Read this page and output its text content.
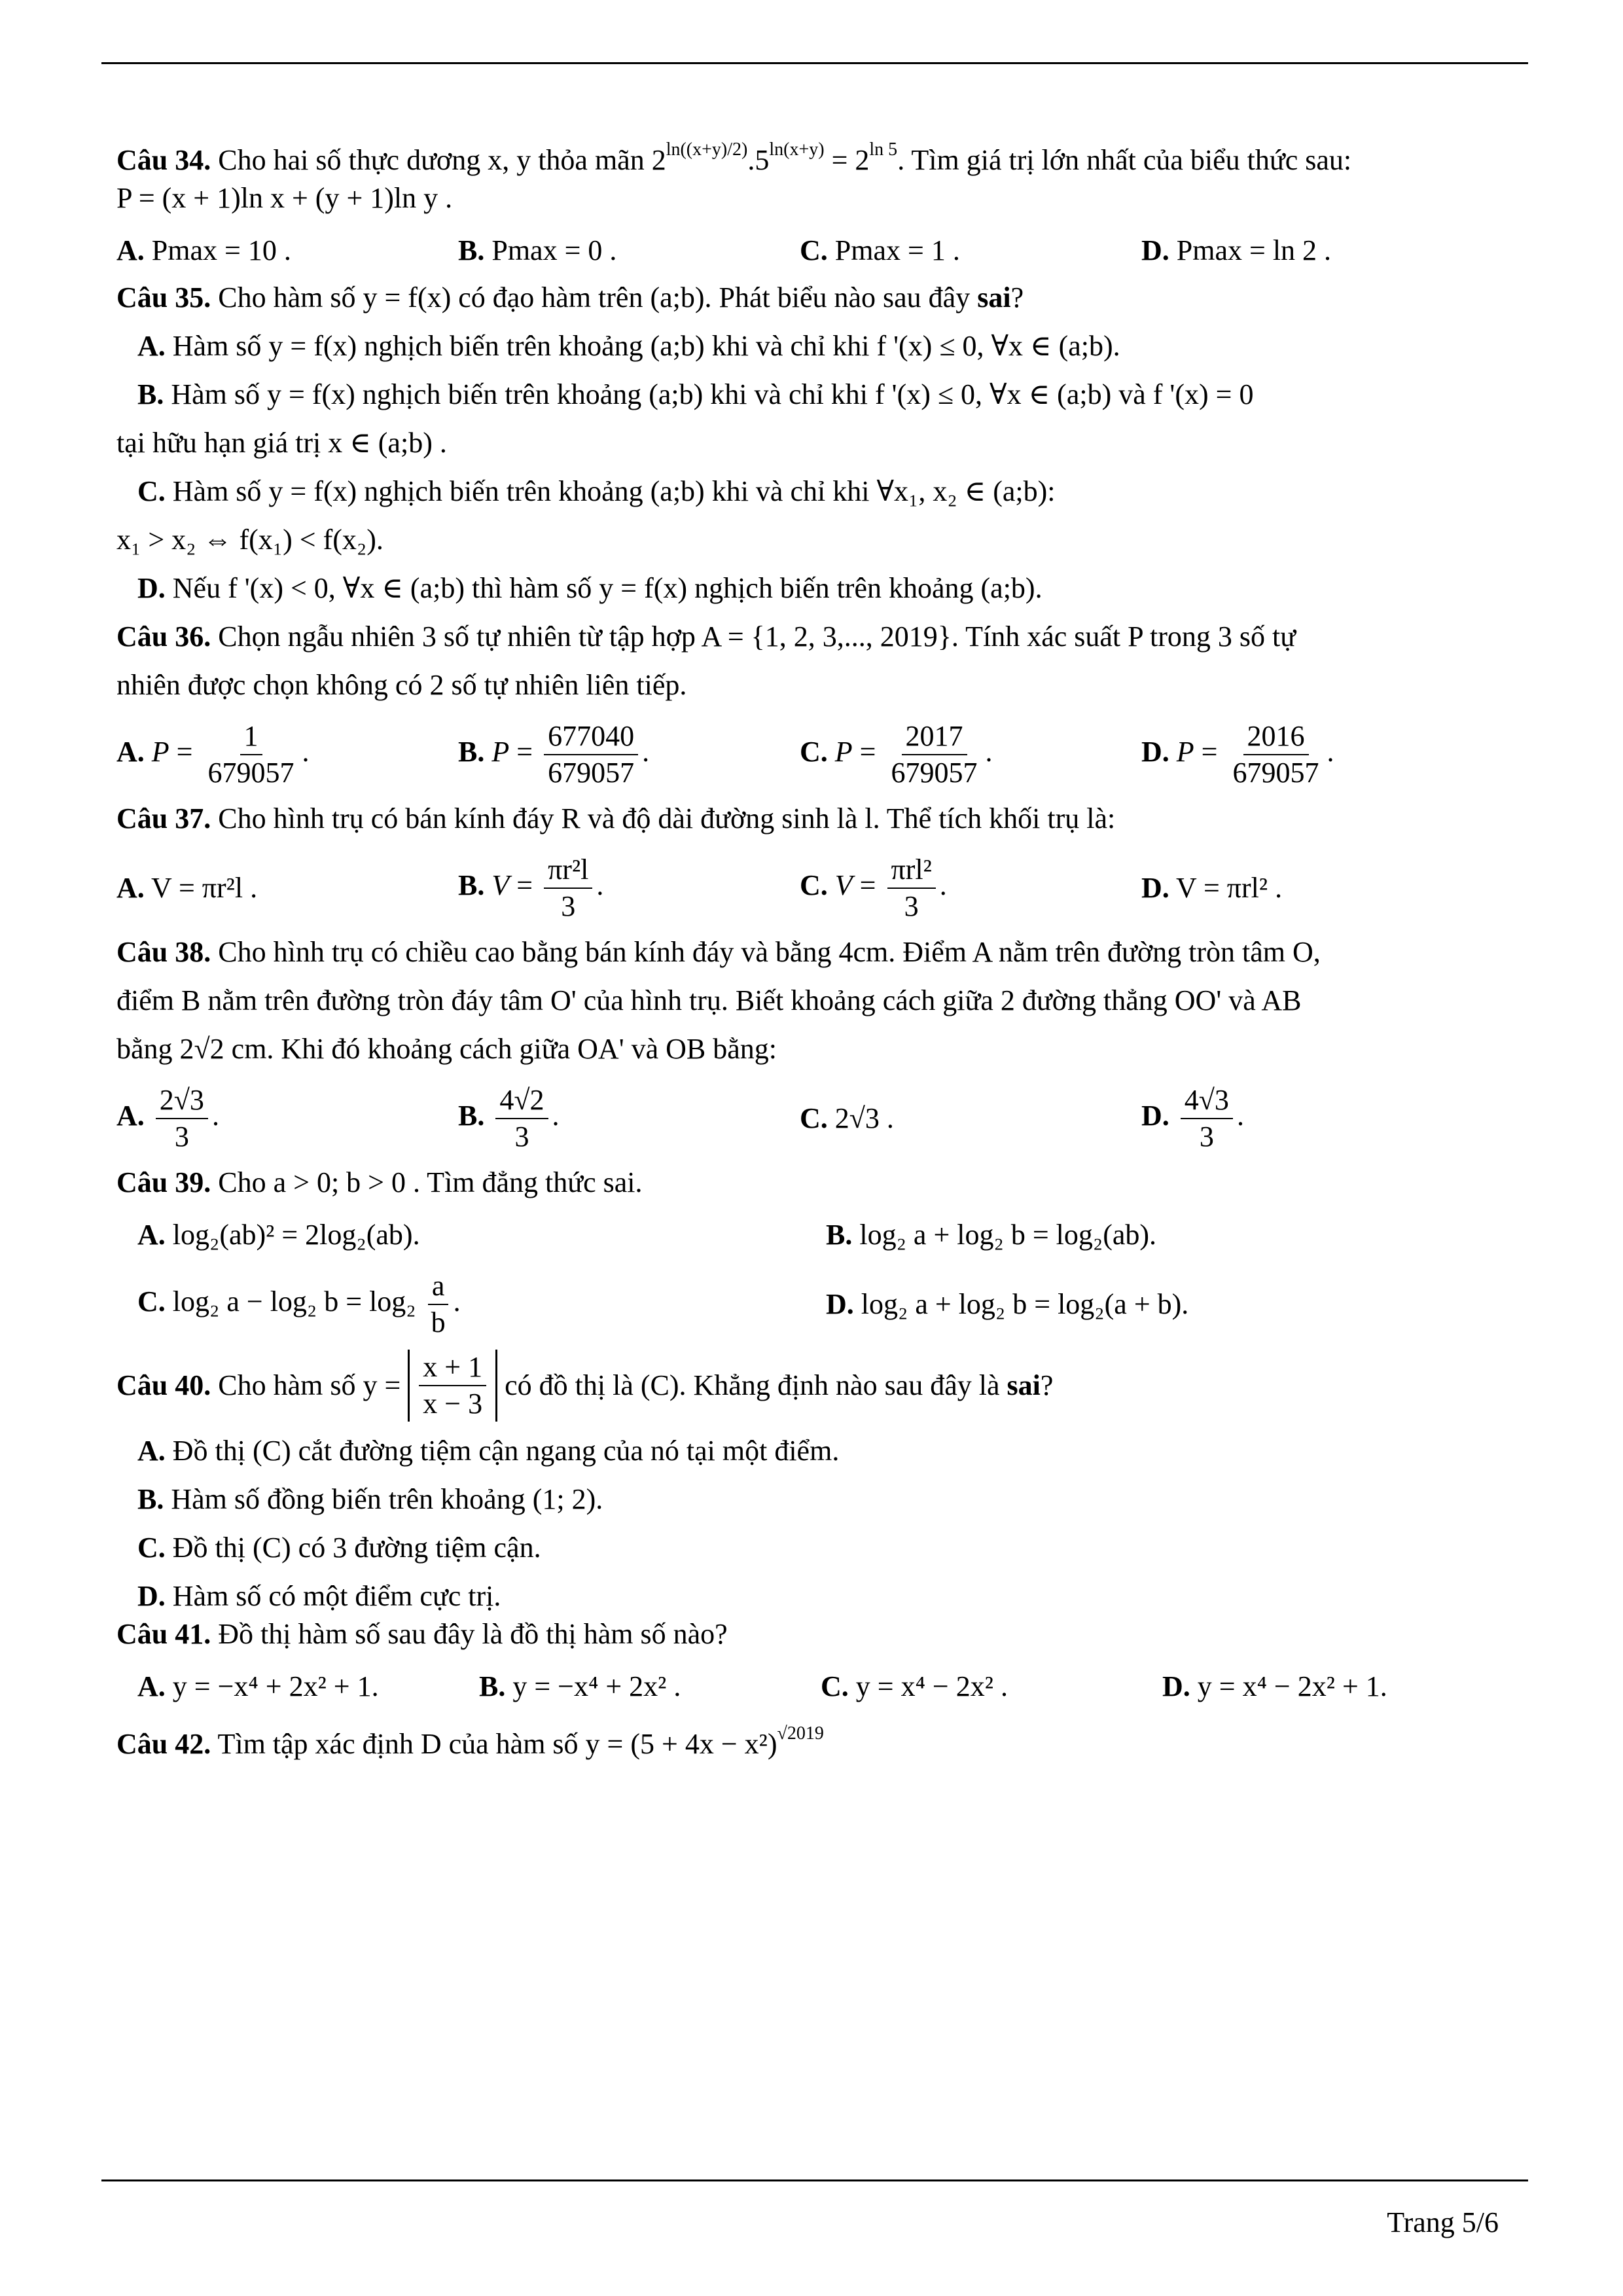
Câu 34. Cho hai số thực dương x, y thỏa mãn $2^{ln((x+y)/2)}.5^{ln(x+y)} = 2^{ln 5}$. Tìm giá trị lớn nhất của biểu thức sau:
P = (x + 1)ln x + (y + 1)ln y .
A. Pmax = 10 .	B. Pmax = 0 .	C. Pmax = 1 .	D. Pmax = ln 2 .
Câu 35. Cho hàm số y = f(x) có đạo hàm trên (a;b). Phát biểu nào sau đây sai?
A. Hàm số y = f(x) nghịch biến trên khoảng (a;b) khi và chỉ khi f '(x) ≤ 0, ∀x ∈ (a;b).
B. Hàm số y = f(x) nghịch biến trên khoảng (a;b) khi và chỉ khi f '(x) ≤ 0, ∀x ∈ (a;b) và f '(x) = 0
tại hữu hạn giá trị x ∈ (a;b) .
C. Hàm số y = f(x) nghịch biến trên khoảng (a;b) khi và chỉ khi ∀x₁, x₂ ∈ (a;b):
x₁ > x₂ ⇔ f(x₁) < f(x₂).
D. Nếu f '(x) < 0, ∀x ∈ (a;b) thì hàm số y = f(x) nghịch biến trên khoảng (a;b).
Câu 36. Chọn ngẫu nhiên 3 số tự nhiên từ tập hợp A = {1, 2, 3,..., 2019}. Tính xác suất P trong 3 số tự
nhiên được chọn không có 2 số tự nhiên liên tiếp.
A. $P = \frac{1}{679057}$ .	B. $P = \frac{677040}{679057}$ .	C. $P = \frac{2017}{679057}$ .	D. $P = \frac{2016}{679057}$ .
Câu 37. Cho hình trụ có bán kính đáy R và độ dài đường sinh là l. Thể tích khối trụ là:
A. V = πr²l .	B. $V = \frac{\text{πr²l}}{3}$ .	C. $V = \frac{\text{πrl²}}{3}$ .	D. V = πrl² .
Câu 38. Cho hình trụ có chiều cao bằng bán kính đáy và bằng 4cm. Điểm A nằm trên đường tròn tâm O,
điểm B nằm trên đường tròn đáy tâm O' của hình trụ. Biết khoảng cách giữa 2 đường thẳng OO' và AB
bằng 2√2 cm. Khi đó khoảng cách giữa OA' và OB bằng:
A. $\frac{2√3}{3}$ .	B. $\frac{4√2}{3}$ .	C. 2√3 .	D. $\frac{4√3}{3}$ .
Câu 39. Cho a > 0; b > 0 . Tìm đẳng thức sai.
A. log₂(ab)² = 2log₂(ab).	B. log₂ a + log₂ b = log₂(ab).
C. log₂ a − log₂ $b = \log_2 \frac{a}{b}$ .	D. log₂ a + log₂ b = log₂(a + b).
Câu 40.
Cho hàm số y =
$\frac{x + 1}{x - 3}$
có đồ thị là (C). Khẳng định nào sau đây là
sai ?
A. Đồ thị (C) cắt đường tiệm cận ngang của nó tại một điểm.
B. Hàm số đồng biến trên khoảng (1; 2).
C. Đồ thị (C) có 3 đường tiệm cận.
D. Hàm số có một điểm cực trị.
Câu 41. Đồ thị hàm số sau đây là đồ thị hàm số nào?
A. y = −x⁴ + 2x² + 1.	B. y = −x⁴ + 2x² .	C. y = x⁴ − 2x² .	D. y = x⁴ − 2x² + 1.
Câu 42. Tìm tập xác định D của hàm số $y = (5 + 4x - x^2)^{√2019}$
Trang 5/6
